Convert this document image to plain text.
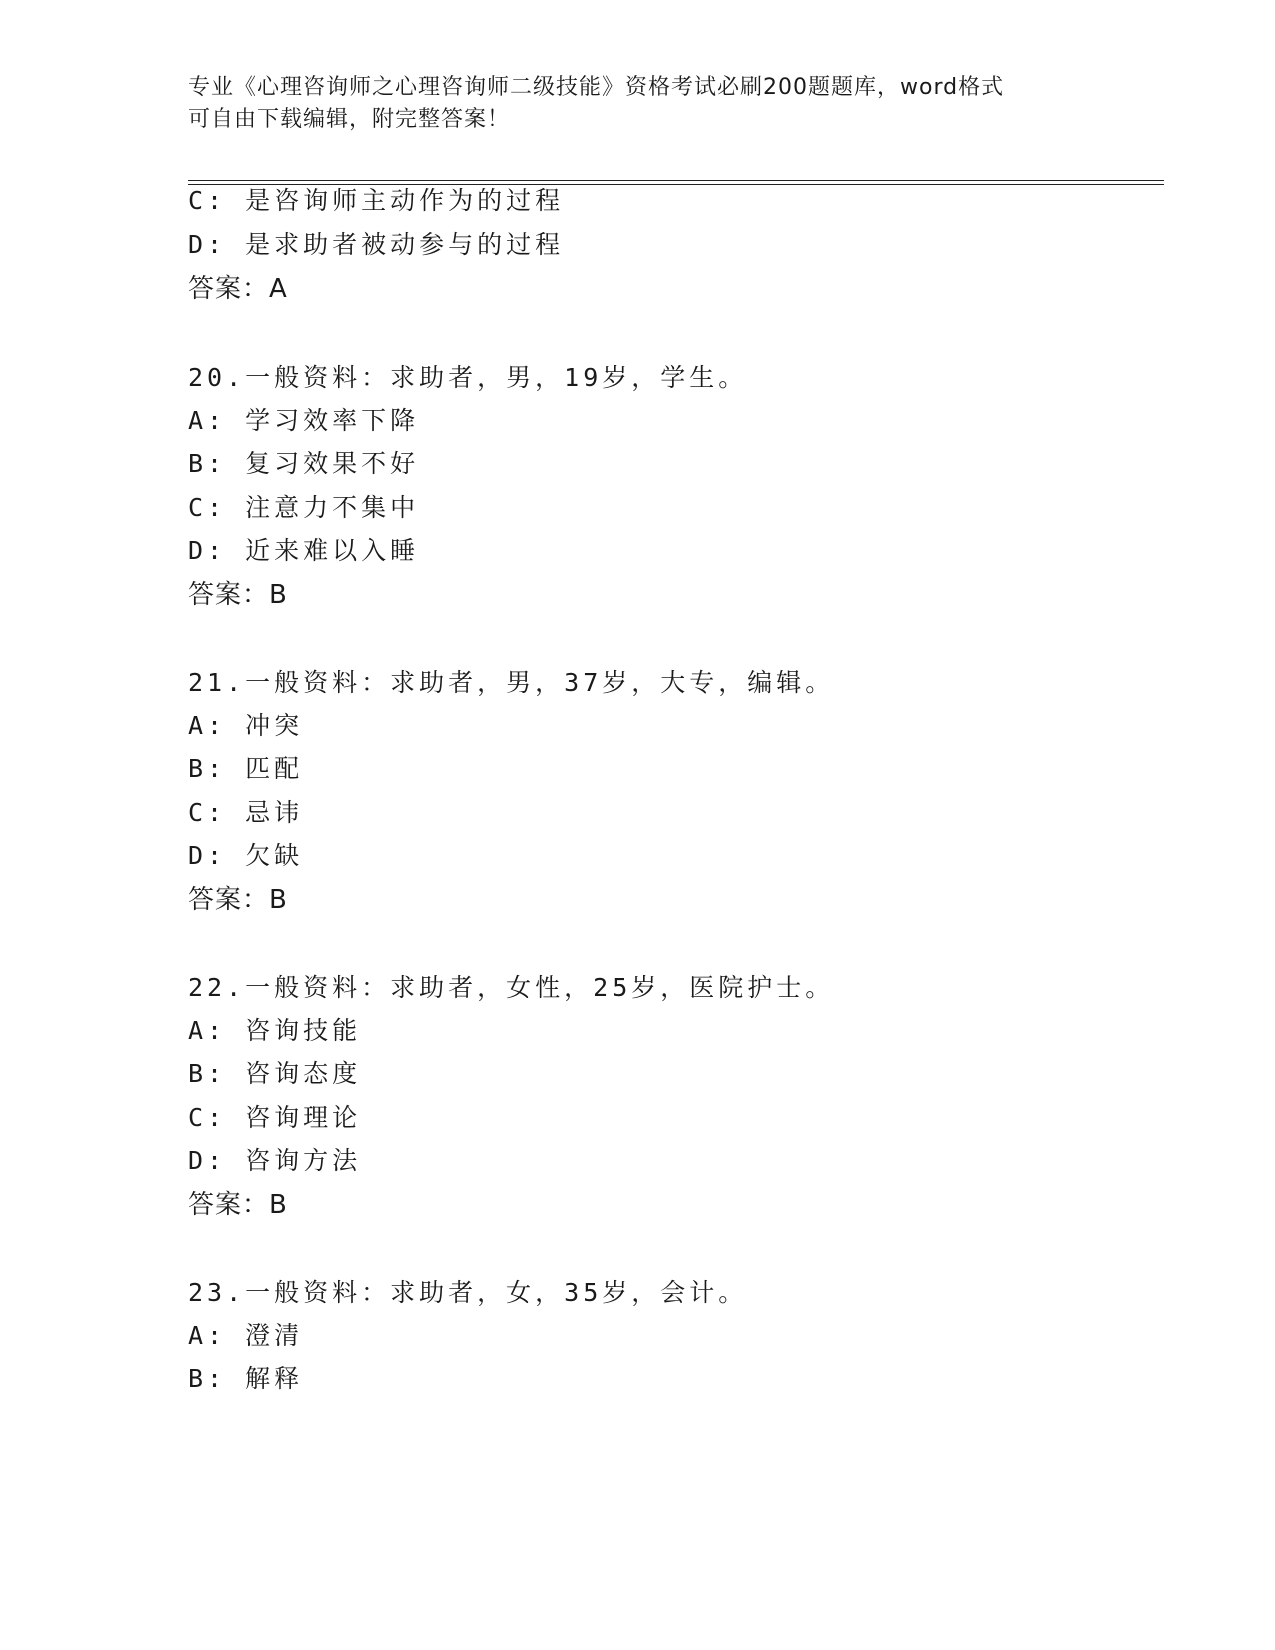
专业《心理咨询师之心理咨询师二级技能》资格考试必刷200题题库，word格式
可自由下载编辑，附完整答案！
C: 是咨询师主动作为的过程
D: 是求助者被动参与的过程
答案：A
20.一般资料：求助者，男，19岁，学生。
A: 学习效率下降
B: 复习效果不好
C: 注意力不集中
D: 近来难以入睡
答案：B
21.一般资料：求助者，男，37岁，大专，编辑。
A: 冲突
B: 匹配
C: 忌讳
D: 欠缺
答案：B
22.一般资料：求助者，女性，25岁，医院护士。
A: 咨询技能
B: 咨询态度
C: 咨询理论
D: 咨询方法
答案：B
23.一般资料：求助者，女，35岁，会计。
A: 澄清
B: 解释
